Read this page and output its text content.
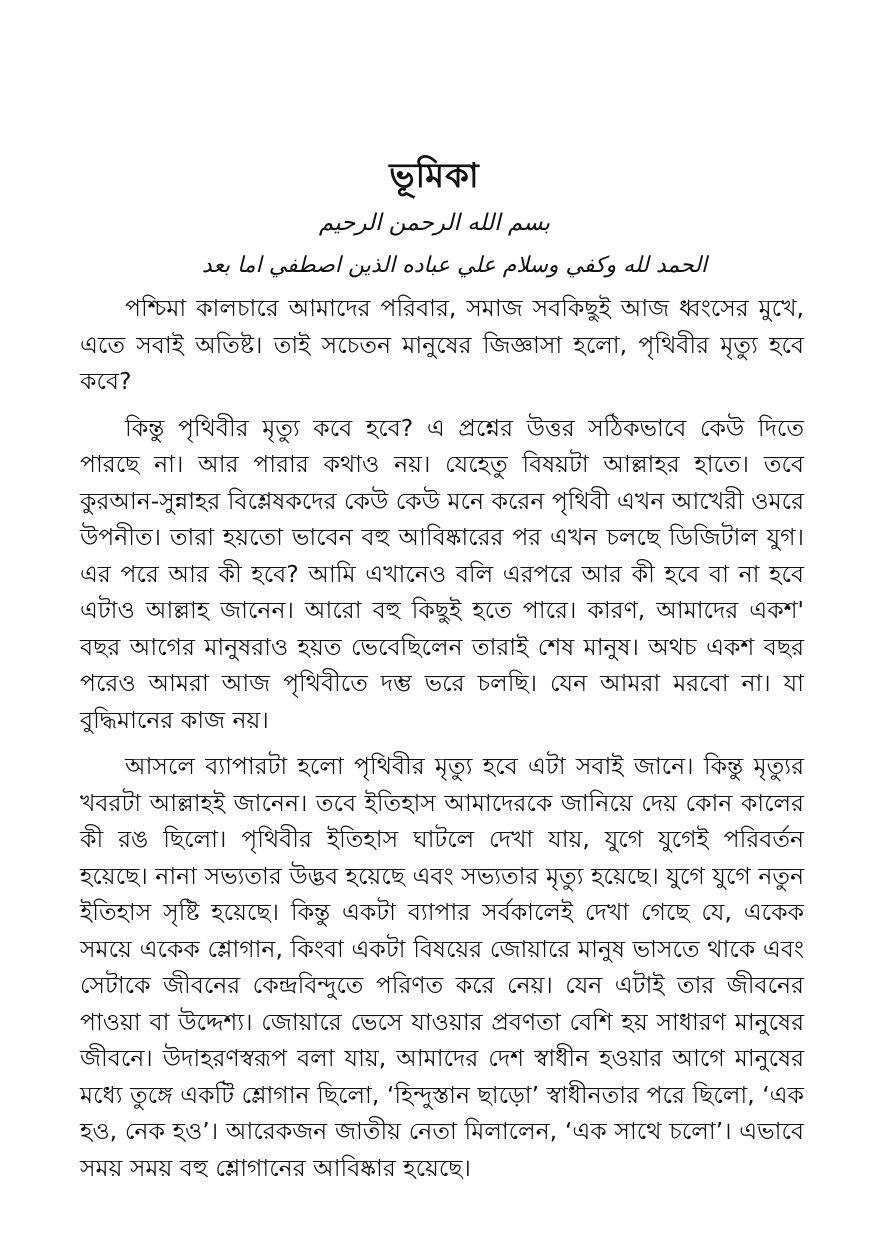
ভূমিকা
بسم الله الرحمن الرحيم
الحمد لله وكفي وسلام علي عباده الذين اصطفي اما بعد

পশ্চিমা কালচারে আমাদের পরিবার, সমাজ সবকিছুই আজ ধ্বংসের মুখে, এতে সবাই অতিষ্ট। তাই সচেতন মানুষের জিজ্ঞাসা হলো, পৃথিবীর মৃত্যু হবে কবে?

কিন্তু পৃথিবীর মৃত্যু কবে হবে? এ প্রশ্নের উত্তর সঠিকভাবে কেউ দিতে পারছে না। আর পারার কথাও নয়। যেহেতু বিষয়টা আল্লাহর হাতে। তবে কুরআন-সুন্নাহর বিশ্লেষকদের কেউ কেউ মনে করেন পৃথিবী এখন আখেরী ওমরে উপনীত। তারা হয়তো ভাবেন বহু আবিষ্কারের পর এখন চলছে ডিজিটাল যুগ। এর পরে আর কী হবে? আমি এখানেও বলি এরপরে আর কী হবে বা না হবে এটাও আল্লাহ জানেন। আরো বহু কিছুই হতে পারে। কারণ, আমাদের একশ' বছর আগের মানুষরাও হয়ত ভেবেছিলেন তারাই শেষ মানুষ। অথচ একশ বছর পরেও আমরা আজ পৃথিবীতে দম্ভ ভরে চলছি। যেন আমরা মরবো না। যা বুদ্ধিমানের কাজ নয়।

আসলে ব্যাপারটা হলো পৃথিবীর মৃত্যু হবে এটা সবাই জানে। কিন্তু মৃত্যুর খবরটা আল্লাহই জানেন। তবে ইতিহাস আমাদেরকে জানিয়ে দেয় কোন কালের কী রঙ ছিলো। পৃথিবীর ইতিহাস ঘাটলে দেখা যায়, যুগে যুগেই পরিবর্তন হয়েছে। নানা সভ্যতার উদ্ভব হয়েছে এবং সভ্যতার মৃত্যু হয়েছে। যুগে যুগে নতুন ইতিহাস সৃষ্টি হয়েছে। কিন্তু একটা ব্যাপার সর্বকালেই দেখা গেছে যে, একেক সময়ে একেক শ্লোগান, কিংবা একটা বিষয়ের জোয়ারে মানুষ ভাসতে থাকে এবং সেটাকে জীবনের কেন্দ্রবিন্দুতে পরিণত করে নেয়। যেন এটাই তার জীবনের পাওয়া বা উদ্দেশ্য। জোয়ারে ভেসে যাওয়ার প্রবণতা বেশি হয় সাধারণ মানুষের জীবনে। উদাহরণস্বরূপ বলা যায়, আমাদের দেশ স্বাধীন হওয়ার আগে মানুষের মধ্যে তুঙ্গে একটি শ্লোগান ছিলো, ‘হিন্দুস্তান ছাড়ো’ স্বাধীনতার পরে ছিলো, ‘এক হও, নেক হও’। আরেকজন জাতীয় নেতা মিলালেন, ‘এক সাথে চলো’। এভাবে সময় সময় বহু শ্লোগানের আবিষ্কার হয়েছে।
